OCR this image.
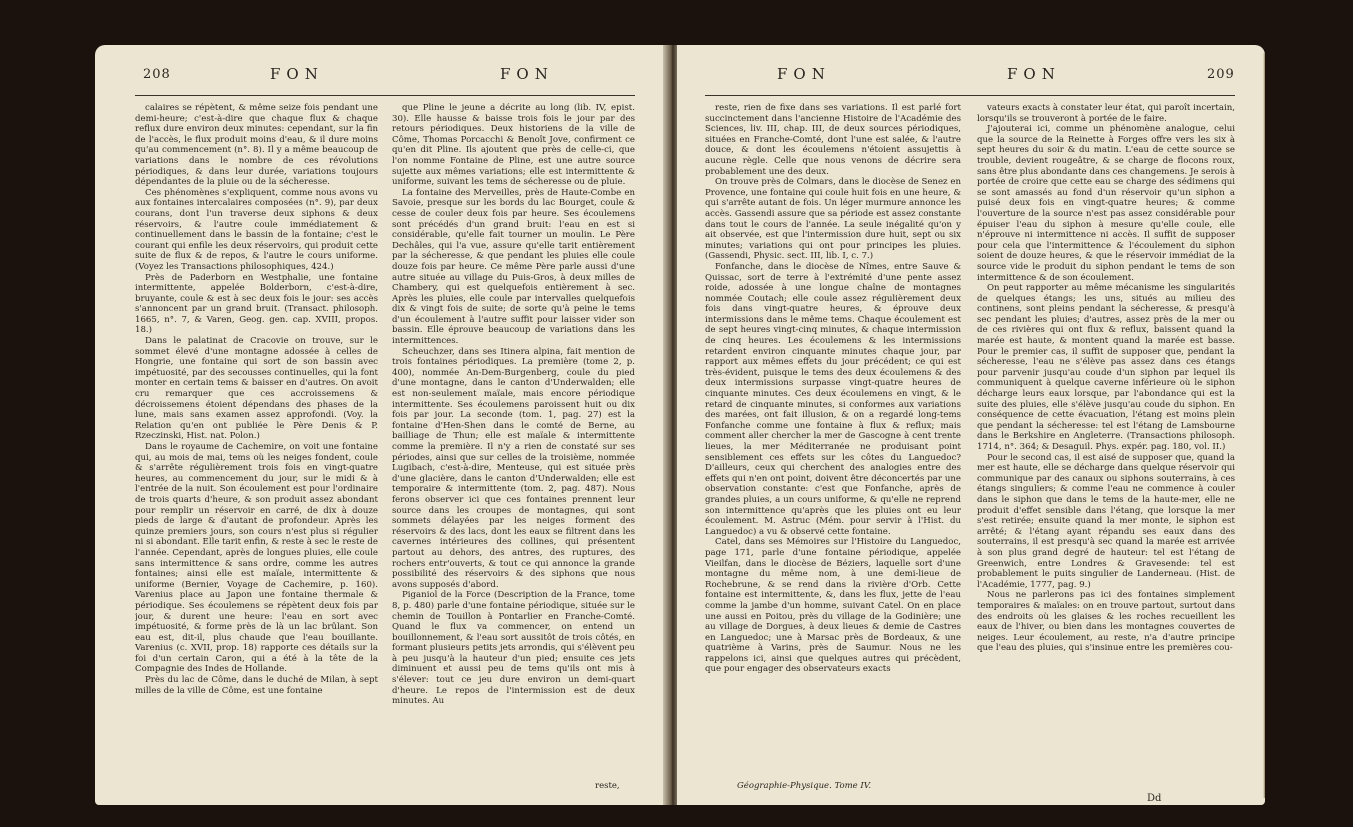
208	FON	FON

calaires se répètent, & même seize fois pendant une demi-heure; c'est-à-dire que chaque flux & chaque reflux dure environ deux minutes: cependant, sur la fin de l'accès, le flux produit moins d'eau, & il dure moins qu'au commencement (n°. 8). Il y a même beaucoup de variations dans le nombre de ces révolutions périodiques, & dans leur durée, variations toujours dépendantes de la pluie ou de la sécheresse.

Ces phénomènes s'expliquent, comme nous avons vu aux fontaines intercalaires composées (n°. 9), par deux courans, dont l'un traverse deux siphons & deux réservoirs, & l'autre coule immédiatement & continuellement dans le bassin de la fontaine; c'est le courant qui enfile les deux réservoirs, qui produit cette suite de flux & de repos, & l'autre le cours uniforme. (Voyez les Transactions philosophiques, 424.)

Près de Paderborn en Westphalie, une fontaine intermittente, appelée Bolderborn, c'est-à-dire, bruyante, coule & est à sec deux fois le jour: ses accès s'annoncent par un grand bruit. (Transact. philosoph. 1665, n°. 7, & Varen, Geog. gen. cap. XVIII, propos. 18.)

Dans le palatinat de Cracovie on trouve, sur le sommet élevé d'une montagne adossée à celles de Hongrie, une fontaine qui sort de son bassin avec impétuosité, par des secousses continuelles, qui la font monter en certain tems & baisser en d'autres. On avoit cru remarquer que ces accroissemens & décroissemens étoient dépendans des phases de la lune, mais sans examen assez approfondi. (Voy. la Relation qu'en ont publiée le Père Denis & P. Rzeczinski, Hist. nat. Polon.)

Dans le royaume de Cachemire, on voit une fontaine qui, au mois de mai, tems où les neiges fondent, coule & s'arrête régulièrement trois fois en vingt-quatre heures, au commencement du jour, sur le midi & à l'entrée de la nuit. Son écoulement est pour l'ordinaire de trois quarts d'heure, & son produit assez abondant pour remplir un réservoir en carré, de dix à douze pieds de large & d'autant de profondeur. Après les quinze premiers jours, son cours n'est plus si régulier ni si abondant. Elle tarit enfin, & reste à sec le reste de l'année. Cependant, après de longues pluies, elle coule sans intermittence & sans ordre, comme les autres fontaines; ainsi elle est maïale, intermittente & uniforme (Bernier, Voyage de Cachemire, p. 160). Varenius place au Japon une fontaine thermale & périodique. Ses écoulemens se répètent deux fois par jour, & durent une heure: l'eau en sort avec impétuosité, & forme près de là un lac brûlant. Son eau est, dit-il, plus chaude que l'eau bouillante. Varenius (c. XVII, prop. 18) rapporte ces détails sur la foi d'un certain Caron, qui a été à la tête de la Compagnie des Indes de Hollande.

Près du lac de Côme, dans le duché de Milan, à sept milles de la ville de Côme, est une fontaine

que Pline le jeune a décrite au long (lib. IV, epist. 30). Elle hausse & baisse trois fois le jour par des retours périodiques. Deux historiens de la ville de Côme, Thomas Porcacchi & Benoît Jove, confirment ce qu'en dit Pline. Ils ajoutent que près de celle-ci, que l'on nomme Fontaine de Pline, est une autre source sujette aux mêmes variations; elle est intermittente & uniforme, suivant les tems de sécheresse ou de pluie.

La fontaine des Merveilles, près de Haute-Combe en Savoie, presque sur les bords du lac Bourget, coule & cesse de couler deux fois par heure. Ses écoulemens sont précédés d'un grand bruit: l'eau en est si considérable, qu'elle fait tourner un moulin. Le Père Dechâles, qui l'a vue, assure qu'elle tarit entièrement par la sécheresse, & que pendant les pluies elle coule douze fois par heure. Ce même Père parle aussi d'une autre située au village du Puis-Gros, à deux milles de Chambery, qui est quelquefois entièrement à sec. Après les pluies, elle coule par intervalles quelquefois dix & vingt fois de suite; de sorte qu'à peine le tems d'un écoulement à l'autre suffit pour laisser vider son bassin. Elle éprouve beaucoup de variations dans les intermittences.

Scheuchzer, dans ses Itinera alpina, fait mention de trois fontaines périodiques. La première (tome 2, p. 400), nommée An-Dem-Burgenberg, coule du pied d'une montagne, dans le canton d'Underwalden; elle est non-seulement maïale, mais encore périodique intermittente. Ses écoulemens paroissent huit ou dix fois par jour. La seconde (tom. 1, pag. 27) est la fontaine d'Hen-Shen dans le comté de Berne, au bailliage de Thun; elle est maïale & intermittente comme la première. Il n'y a rien de constaté sur ses périodes, ainsi que sur celles de la troisième, nommée Lugibach, c'est-à-dire, Menteuse, qui est située près d'une glacière, dans le canton d'Underwalden; elle est temporaire & intermittente (tom. 2, pag. 487). Nous ferons observer ici que ces fontaines prennent leur source dans les croupes de montagnes, qui sont sommets délayées par les neiges forment des réservoirs & des lacs, dont les eaux se filtrent dans les cavernes intérieures des collines, qui présentent partout au dehors, des antres, des ruptures, des rochers entr'ouverts, & tout ce qui annonce la grande possibilité des réservoirs & des siphons que nous avons supposés d'abord.

Piganiol de la Force (Description de la France, tome 8, p. 480) parle d'une fontaine périodique, située sur le chemin de Touillon à Pontarlier en Franche-Comté. Quand le flux va commencer, on entend un bouillonnement, & l'eau sort aussitôt de trois côtés, en formant plusieurs petits jets arrondis, qui s'élèvent peu à peu jusqu'à la hauteur d'un pied; ensuite ces jets diminuent et aussi peu de tems qu'ils ont mis à s'élever: tout ce jeu dure environ un demi-quart d'heure. Le repos de l'intermission est de deux minutes. Au

reste,
FON	FON	209

reste, rien de fixe dans ses variations. Il est parlé fort succinctement dans l'ancienne Histoire de l'Académie des Sciences, liv. III, chap. III, de deux sources périodiques, situées en Franche-Comté, dont l'une est salée, & l'autre douce, & dont les écoulemens n'étoient assujettis à aucune règle. Celle que nous venons de décrire sera probablement une des deux.

On trouve près de Colmars, dans le diocèse de Senez en Provence, une fontaine qui coule huit fois en une heure, & qui s'arrête autant de fois. Un léger murmure annonce les accès. Gassendi assure que sa période est assez constante dans tout le cours de l'année. La seule inégalité qu'on y ait observée, est que l'intermission dure huit, sept ou six minutes; variations qui ont pour principes les pluies. (Gassendi, Physic. sect. III, lib. I, c. 7.)

Fonfanche, dans le diocèse de Nîmes, entre Sauve & Quissac, sort de terre à l'extrémité d'une pente assez roide, adossée à une longue chaîne de montagnes nommée Coutach; elle coule assez régulièrement deux fois dans vingt-quatre heures, & éprouve deux intermissions dans le même tems. Chaque écoulement est de sept heures vingt-cinq minutes, & chaque intermission de cinq heures. Les écoulemens & les intermissions retardent environ cinquante minutes chaque jour, par rapport aux mêmes effets du jour précédent; ce qui est très-évident, puisque le tems des deux écoulemens & des deux intermissions surpasse vingt-quatre heures de cinquante minutes. Ces deux écoulemens en vingt, & le retard de cinquante minutes, si conformes aux variations des marées, ont fait illusion, & on a regardé long-tems Fonfanche comme une fontaine à flux & reflux; mais comment aller chercher la mer de Gascogne à cent trente lieues, la mer Méditerranée ne produisant point sensiblement ces effets sur les côtes du Languedoc? D'ailleurs, ceux qui cherchent des analogies entre des effets qui n'en ont point, doivent être déconcertés par une observation constante: c'est que Fonfanche, après de grandes pluies, a un cours uniforme, & qu'elle ne reprend son intermittence qu'après que les pluies ont eu leur écoulement. M. Astruc (Mém. pour servir à l'Hist. du Languedoc) a vu & observé cette fontaine.

Catel, dans ses Mémoires sur l'Histoire du Languedoc, page 171, parle d'une fontaine périodique, appelée Vieilfan, dans le diocèse de Béziers, laquelle sort d'une montagne du même nom, à une demi-lieue de Rochebrune, & se rend dans la rivière d'Orb. Cette fontaine est intermittente, &, dans les flux, jette de l'eau comme la jambe d'un homme, suivant Catel. On en place une aussi en Poitou, près du village de la Godinière; une au village de Dorgues, à deux lieues & demie de Castres en Languedoc; une à Marsac près de Bordeaux, & une quatrième à Varins, près de Saumur. Nous ne les rappelons ici, ainsi que quelques autres qui précèdent, que pour engager des observateurs exacts

vateurs exacts à constater leur état, qui paroît incertain, lorsqu'ils se trouveront à portée de le faire.

J'ajouterai ici, comme un phénomène analogue, celui que la source de la Reinette à Forges offre vers les six à sept heures du soir & du matin. L'eau de cette source se trouble, devient rougeâtre, & se charge de flocons roux, sans être plus abondante dans ces changemens. Je serois à portée de croire que cette eau se charge des sédimens qui se sont amassés au fond d'un réservoir qu'un siphon a puisé deux fois en vingt-quatre heures; & comme l'ouverture de la source n'est pas assez considérable pour épuiser l'eau du siphon à mesure qu'elle coule, elle n'éprouve ni intermittence ni accès. Il suffit de supposer pour cela que l'intermittence & l'écoulement du siphon soient de douze heures, & que le réservoir immédiat de la source vide le produit du siphon pendant le tems de son intermittence & de son écoulement.

On peut rapporter au même mécanisme les singularités de quelques étangs; les uns, situés au milieu des continens, sont pleins pendant la sécheresse, & presqu'à sec pendant les pluies; d'autres, assez près de la mer ou de ces rivières qui ont flux & reflux, baissent quand la marée est haute, & montent quand la marée est basse. Pour le premier cas, il suffit de supposer que, pendant la sécheresse, l'eau ne s'élève pas assez dans ces étangs pour parvenir jusqu'au coude d'un siphon par lequel ils communiquent à quelque caverne inférieure où le siphon décharge leurs eaux lorsque, par l'abondance qui est la suite des pluies, elle s'élève jusqu'au coude du siphon. En conséquence de cette évacuation, l'étang est moins plein que pendant la sécheresse: tel est l'étang de Lamsbourne dans le Berkshire en Angleterre. (Transactions philosoph. 1714, n°. 364; & Desaguil. Phys. expér. pag. 180, vol. II.)

Pour le second cas, il est aisé de supposer que, quand la mer est haute, elle se décharge dans quelque réservoir qui communique par des canaux ou siphons souterrains, à ces étangs singuliers; & comme l'eau ne commence à couler dans le siphon que dans le tems de la haute-mer, elle ne produit d'effet sensible dans l'étang, que lorsque la mer s'est retirée; ensuite quand la mer monte, le siphon est arrêté; & l'étang ayant répandu ses eaux dans des souterrains, il est presqu'à sec quand la marée est arrivée à son plus grand degré de hauteur: tel est l'étang de Greenwich, entre Londres & Gravesende: tel est probablement le puits singulier de Landerneau. (Hist. de l'Académie, 1777, pag. 9.)

Nous ne parlerons pas ici des fontaines simplement temporaires & maïales: on en trouve partout, surtout dans des endroits où les glaises & les roches recueillent les eaux de l'hiver, ou bien dans les montagnes couvertes de neiges. Leur écoulement, au reste, n'a d'autre principe que l'eau des pluies, qui s'insinue entre les premières cou-

Géographie-Physique. Tome IV.
Dd
